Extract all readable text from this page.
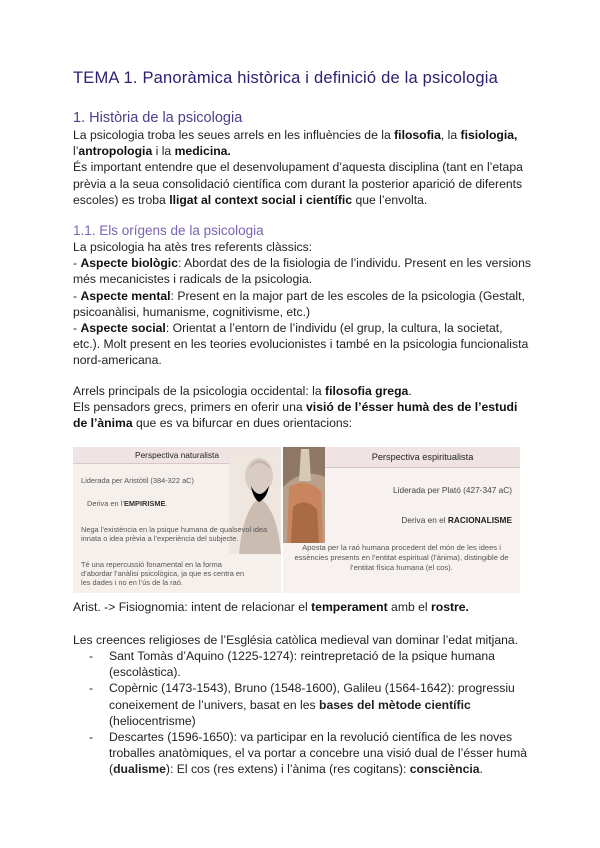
TEMA 1. Panoràmica històrica i definició de la psicologia
1. Història de la psicologia
La psicologia troba les seues arrels en les influències de la filosofia, la fisiologia,
l’antropologia i la medicina.
És important entendre que el desenvolupament d’aquesta disciplina (tant en l’etapa
prèvia a la seua consolidació científica com durant la posterior aparició de diferents
escoles) es troba lligat al context social i científic que l’envolta.
1.1. Els orígens de la psicologia
La psicologia ha atès tres referents clàssics:
- Aspecte biològic: Abordat des de la fisiologia de l’individu. Present en les versions
més mecanicistes i radicals de la psicologia.
- Aspecte mental: Present en la major part de les escoles de la psicologia (Gestalt,
psicoanàlisi, humanisme, cognitivisme, etc.)
- Aspecte social: Orientat a l’entorn de l’individu (el grup, la cultura, la societat,
etc.). Molt present en les teories evolucionistes i també en la psicologia funcionalista
nord-americana.
Arrels principals de la psicologia occidental: la filosofia grega.
Els pensadors grecs, primers en oferir una visió de l’ésser humà des de l’estudi
de l’ànima que es va bifurcar en dues orientacions:
Perspectiva naturalista
Liderada per Aristòtil (384-322 aC)
Deriva en l’EMPIRISME.
Nega l’existència en la psique humana de qualsevol idea innata o idea prèvia a l’experiència del subjecte.
Té una repercussió fonamental en la forma d’abordar l’anàlisi psicològica, ja que es centra en les dades i no en l’ús de la raó.
Perspectiva espiritualista
Liderada per Plató (427-347 aC)
Deriva en el RACIONALISME
Aposta per la raó humana procedent del món de les idees i essències presents en l’entitat espiritual (l’ànima), distingible de l’entitat física humana (el cos).
Arist. -> Fisiognomia: intent de relacionar el temperament amb el rostre.
Les creences religioses de l’Església catòlica medieval van dominar l’edat mitjana.
- Sant Tomàs d’Aquino (1225-1274): reintrepretació de la psique humana
(escolàstica).
- Copèrnic (1473-1543), Bruno (1548-1600), Galileu (1564-1642): progressiu
coneixement de l’univers, basat en les bases del mètode científic
(heliocentrisme)
- Descartes (1596-1650): va participar en la revolució científica de les noves
troballes anatòmiques, el va portar a concebre una visió dual de l’ésser humà
(dualisme): El cos (res extens) i l’ànima (res cogitans): consciència.
